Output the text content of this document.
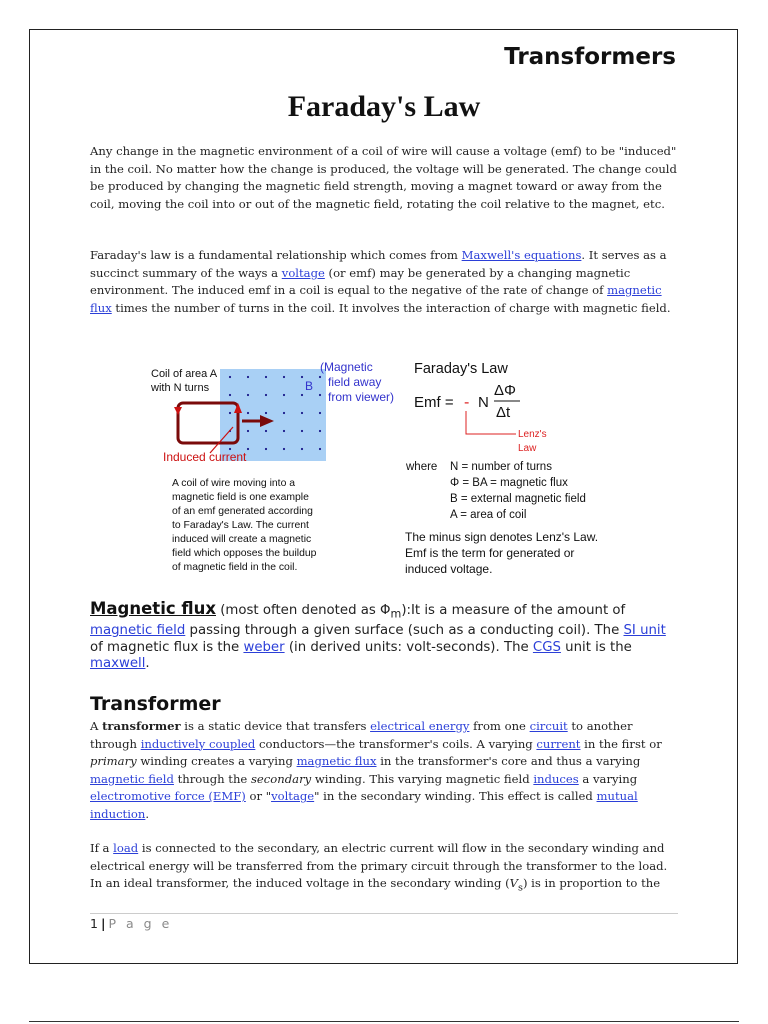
Transformers
Faraday's Law
Any change in the magnetic environment of a coil of wire will cause a voltage (emf) to be "induced" in the coil. No matter how the change is produced, the voltage will be generated. The change could be produced by changing the magnetic field strength, moving a magnet toward or away from the coil, moving the coil into or out of the magnetic field, rotating the coil relative to the magnet, etc.
Faraday's law is a fundamental relationship which comes from Maxwell's equations. It serves as a succinct summary of the ways a voltage (or emf) may be generated by a changing magnetic environment. The induced emf in a coil is equal to the negative of the rate of change of magnetic flux times the number of turns in the coil. It involves the interaction of charge with magnetic field.
Coil of area A
with N turns
(Magnetic
field away
from viewer)
B
Induced current
A coil of wire moving into a
magnetic field is one example
of an emf generated according
to Faraday's Law. The current
induced will create a magnetic
field which opposes the buildup
of magnetic field in the coil.
Faraday's Law
Emf = - N
ΔΦ
Δt
Lenz's
Law
where N = number of turns
Φ = BA = magnetic flux
B = external magnetic field
A = area of coil
The minus sign denotes Lenz's Law.
Emf is the term for generated or
induced voltage.
Magnetic flux (most often denoted as $\Phi_m):It$ is a measure of the amount of magnetic field passing through a given surface (such as a conducting coil). The SI unit of magnetic flux is the weber (in derived units: volt-seconds). The CGS unit is the maxwell.
Transformer
A transformer is a static device that transfers electrical energy from one circuit to another through inductively coupled conductors—the transformer's coils. A varying current in the first or primary winding creates a varying magnetic flux in the transformer's core and thus a varying magnetic field through the secondary winding. This varying magnetic field induces a varying electromotive force (EMF) or "voltage" in the secondary winding. This effect is called mutual induction.
If a load is connected to the secondary, an electric current will flow in the secondary winding and electrical energy will be transferred from the primary circuit through the transformer to the load. In an ideal transformer, the induced voltage in the secondary winding $(V_s)$ is in proportion to the
1 | P a g e
